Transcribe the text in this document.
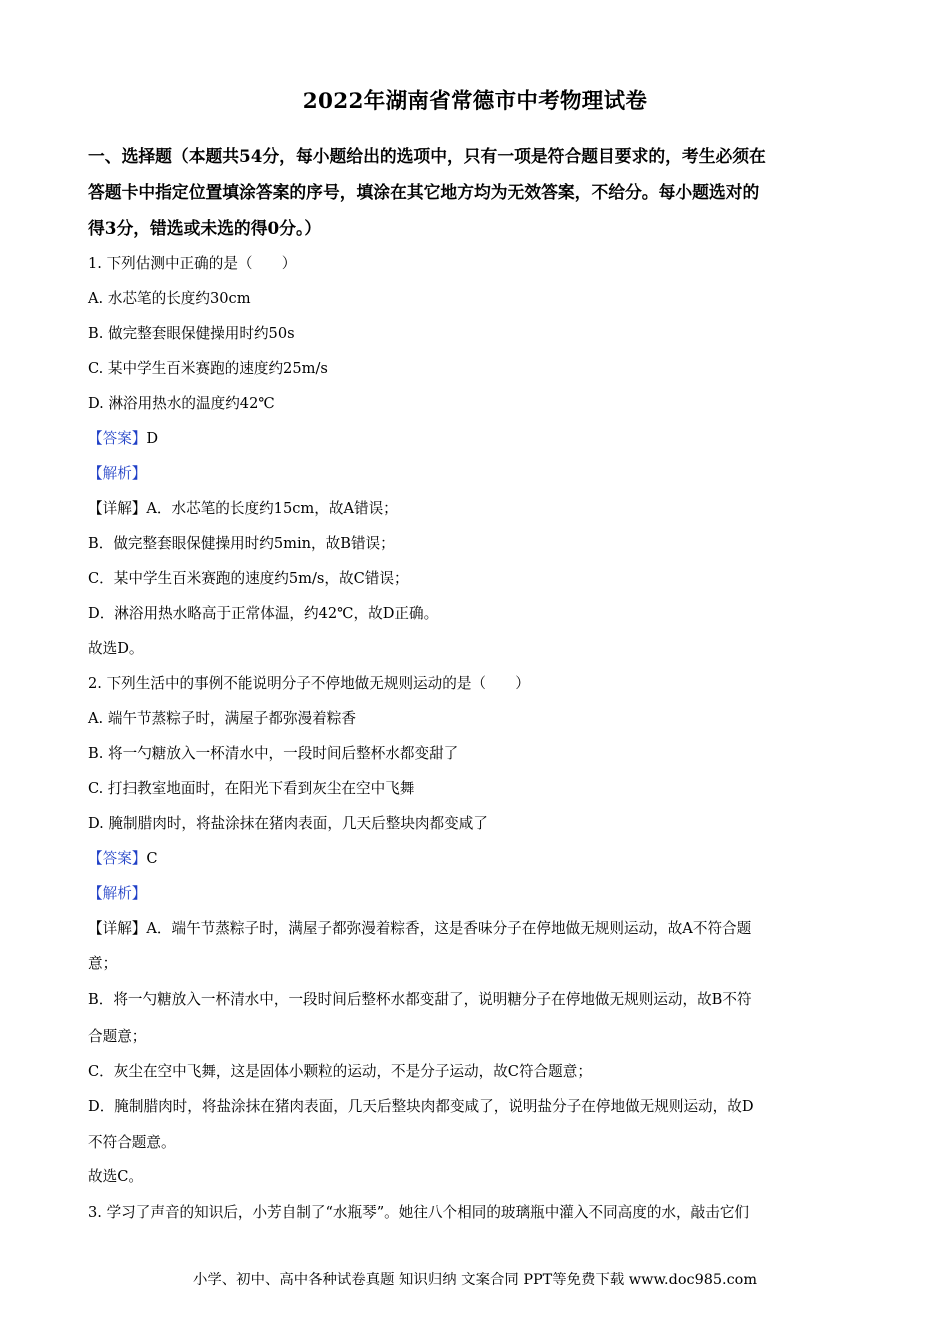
2022年湖南省常德市中考物理试卷
一、选择题（本题共54分，每小题给出的选项中，只有一项是符合题目要求的，考生必须在
答题卡中指定位置填涂答案的序号，填涂在其它地方均为无效答案，不给分。每小题选对的
得3分，错选或未选的得0分。）
1. 下列估测中正确的是（　　）
A. 水芯笔的长度约30cm
B. 做完整套眼保健操用时约50s
C. 某中学生百米赛跑的速度约25m/s
D. 淋浴用热水的温度约42℃
【答案】D
【解析】
【详解】A．水芯笔的长度约15cm，故A错误；
B．做完整套眼保健操用时约5min，故B错误；
C．某中学生百米赛跑的速度约5m/s，故C错误；
D．淋浴用热水略高于正常体温，约42℃，故D正确。
故选D。
2. 下列生活中的事例不能说明分子不停地做无规则运动的是（　　）
A. 端午节蒸粽子时，满屋子都弥漫着粽香
B. 将一勺糖放入一杯清水中，一段时间后整杯水都变甜了
C. 打扫教室地面时，在阳光下看到灰尘在空中飞舞
D. 腌制腊肉时，将盐涂抹在猪肉表面，几天后整块肉都变咸了
【答案】C
【解析】
【详解】A．端午节蒸粽子时，满屋子都弥漫着粽香，这是香味分子在停地做无规则运动，故A不符合题
意；
B．将一勺糖放入一杯清水中，一段时间后整杯水都变甜了，说明糖分子在停地做无规则运动，故B不符
合题意；
C．灰尘在空中飞舞，这是固体小颗粒的运动，不是分子运动，故C符合题意；
D．腌制腊肉时，将盐涂抹在猪肉表面，几天后整块肉都变咸了，说明盐分子在停地做无规则运动，故D
不符合题意。
故选C。
3. 学习了声音的知识后，小芳自制了“水瓶琴”。她往八个相同的玻璃瓶中灌入不同高度的水，敲击它们
小学、初中、高中各种试卷真题 知识归纳 文案合同 PPT等免费下载 www.doc985.com
